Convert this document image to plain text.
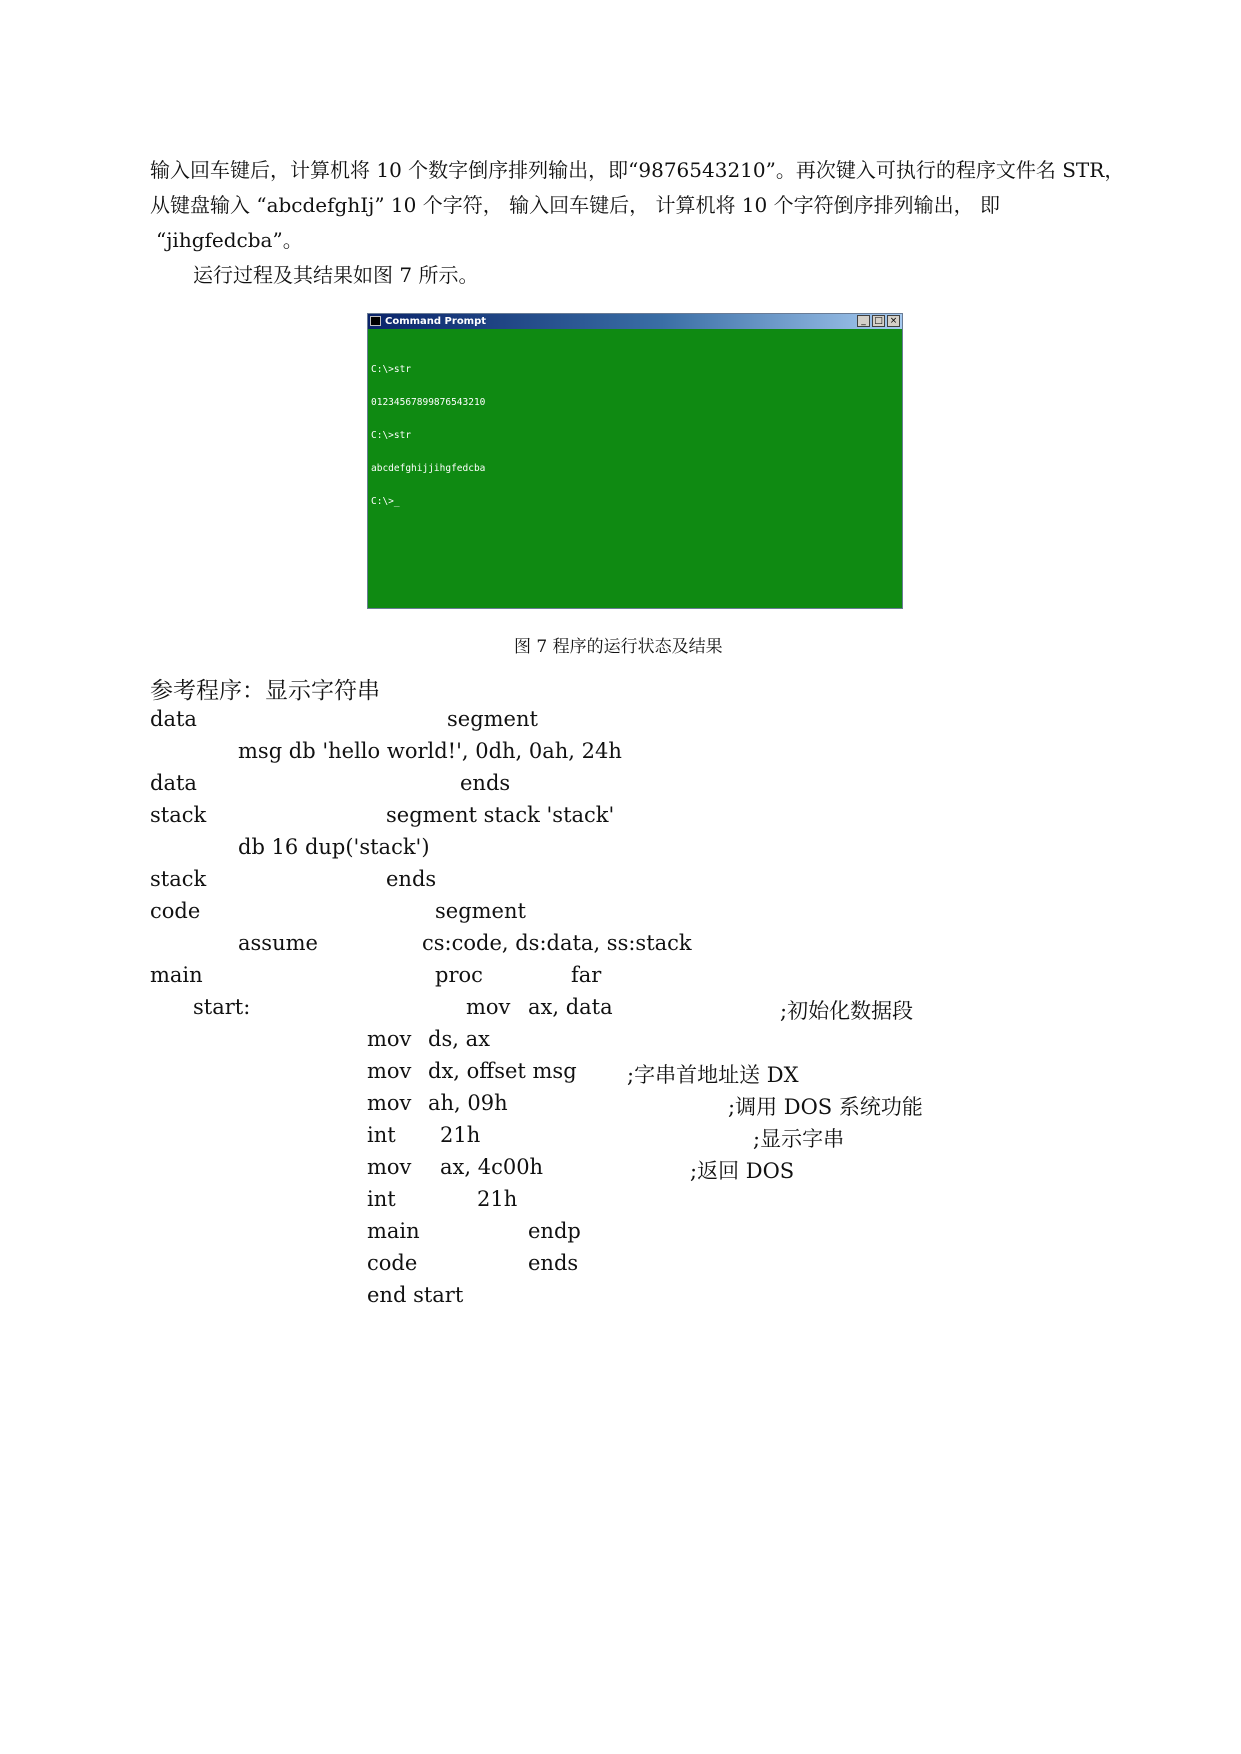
输入回车键后，计算机将 10 个数字倒序排列输出，即“9876543210”。再次键入可执行的程序文件名 STR，
从键盘输入 “abcdefghIj” 10 个字符， 输入回车键后， 计算机将 10 个字符倒序排列输出， 即
“jihgfedcba”。
运行过程及其结果如图 7 所示。
Command Prompt	_ □ ×

C:\>str

01234567899876543210

C:\>str

abcdefghijjihgfedcba

C:\>_

图 7 程序的运行状态及结果
参考程序：显示字符串
data	segment
msg db 'hello world!', 0dh, 0ah, 24h
data	ends
stack	segment stack 'stack'
db 16 dup('stack')
stack	ends
code	segment
assume	cs:code, ds:data, ss:stack
main	proc	far
start:	mov ax, data	;初始化数据段
mov ds, ax
mov dx, offset msg ;字串首地址送 DX
mov ah, 09h	;调用 DOS 系统功能
int 21h	;显示字串
mov ax, 4c00h	;返回 DOS
int	21h
main	endp
code	ends
end start
